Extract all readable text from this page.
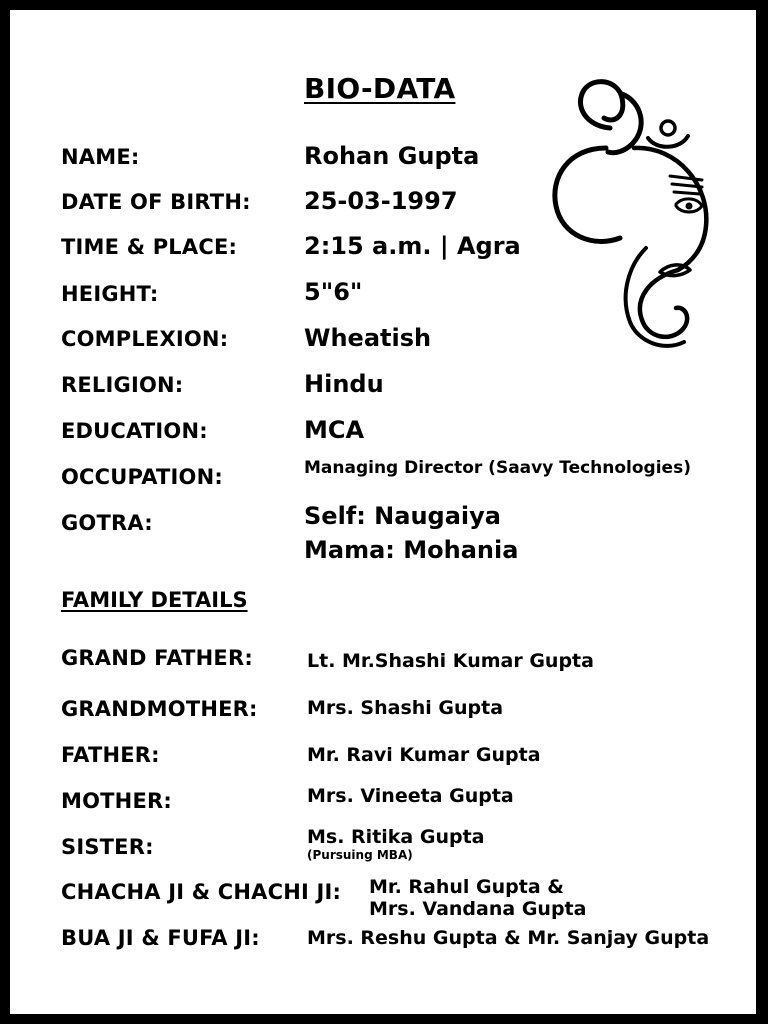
BIO-DATA
NAME:	Rohan Gupta
DATE OF BIRTH: 25-03-1997
TIME & PLACE:	2:15 a.m. | Agra
HEIGHT:	5"6"
COMPLEXION:	Wheatish
RELIGION:	Hindu
EDUCATION:	MCA
OCCUPATION:	Managing Director (Saavy Technologies)
GOTRA:	Self: Naugaiya
Mama: Mohania
FAMILY DETAILS
GRAND FATHER:	Lt. Mr.Shashi Kumar Gupta
GRANDMOTHER:	Mrs. Shashi Gupta
FATHER:	Mr. Ravi Kumar Gupta
MOTHER:	Mrs. Vineeta Gupta
SISTER:	Ms. Ritika Gupta
(Pursuing MBA)
CHACHA JI & CHACHI JI: Mr. Rahul Gupta &
Mrs. Vandana Gupta
BUA JI & FUFA JI: Mrs. Reshu Gupta & Mr. Sanjay Gupta
